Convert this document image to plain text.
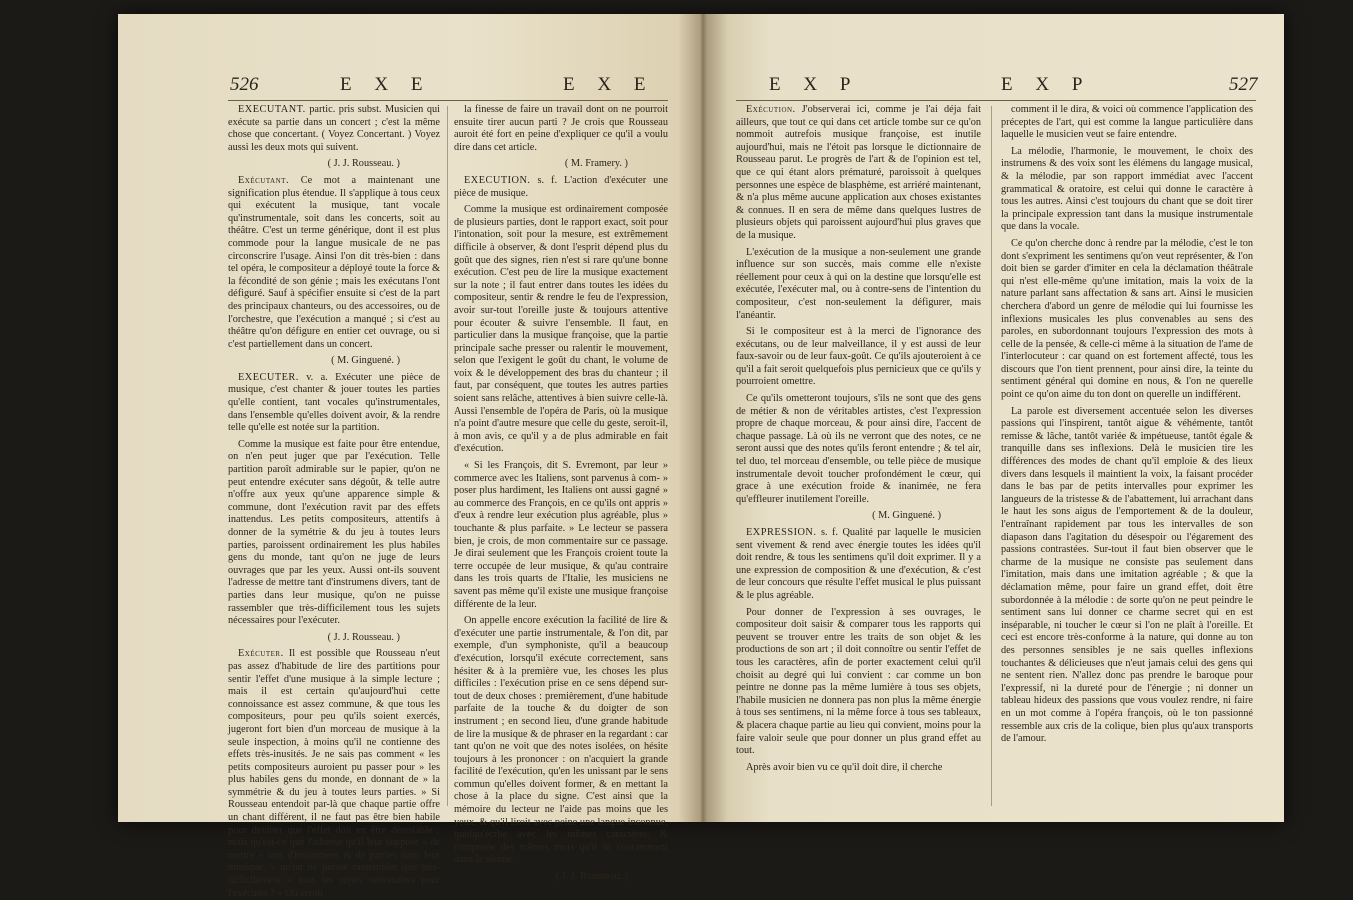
526	E X E	E X E

EXECUTANT. partic. pris subst. Musicien qui exécute sa partie dans un concert ; c'est la même chose que concertant. ( Voyez Concertant. ) Voyez aussi les deux mots qui suivent.

( J. J. Rousseau. )

Exécutant. Ce mot a maintenant une signification plus étendue. Il s'applique à tous ceux qui exécutent la musique, tant vocale qu'instrumentale, soit dans les concerts, soit au théâtre. C'est un terme générique, dont il est plus commode pour la langue musicale de ne pas circonscrire l'usage. Ainsi l'on dit très-bien : dans tel opéra, le compositeur a déployé toute la force & la fécondité de son génie ; mais les exécutans l'ont défiguré. Sauf à spécifier ensuite si c'est de la part des principaux chanteurs, ou des accessoires, ou de l'orchestre, que l'exécution a manqué ; si c'est au théâtre qu'on défigure en entier cet ouvrage, ou si c'est partiellement dans un concert.

( M. Ginguené. )

EXECUTER. v. a. Exécuter une pièce de musique, c'est chanter & jouer toutes les parties qu'elle contient, tant vocales qu'instrumentales, dans l'ensemble qu'elles doivent avoir, & la rendre telle qu'elle est notée sur la partition.

Comme la musique est faite pour être entendue, on n'en peut juger que par l'exécution. Telle partition paroît admirable sur le papier, qu'on ne peut entendre exécuter sans dégoût, & telle autre n'offre aux yeux qu'une apparence simple & commune, dont l'exécution ravit par des effets inattendus. Les petits compositeurs, attentifs à donner de la symétrie & du jeu à toutes leurs parties, paroissent ordinairement les plus habiles gens du monde, tant qu'on ne juge de leurs ouvrages que par les yeux. Aussi ont-ils souvent l'adresse de mettre tant d'instrumens divers, tant de parties dans leur musique, qu'on ne puisse rassembler que très-difficilement tous les sujets nécessaires pour l'exécuter.

( J. J. Rousseau. )

Exécuter. Il est possible que Rousseau n'eut pas assez d'habitude de lire des partitions pour sentir l'effet d'une musique à la simple lecture ; mais il est certain qu'aujourd'hui cette connoissance est assez commune, & que tous les compositeurs, pour peu qu'ils soient exercés, jugeront fort bien d'un morceau de musique à la seule inspection, à moins qu'il ne contienne des effets très-inusités. Je ne sais pas comment « les petits compositeurs auroient pu passer pour » les plus habiles gens du monde, en donnant de » la symmétrie & du jeu à toutes leurs parties. » Si Rousseau entendoit par-là que chaque partie offre un chant différent, il ne faut pas être bien habile pour deviner que l'effet doit en être détestable ; mais qu'est-ce que l'adresse qu'il leur suppose « de mettre » tant d'instrumens & de parties dans leur musique, » qu'on ne puisse rassembler que très-difficilement » tous les sujets nécessaires pour l'exécuter ? » Où seroit

la finesse de faire un travail dont on ne pourroit ensuite tirer aucun parti ? Je crois que Rousseau auroit été fort en peine d'expliquer ce qu'il a voulu dire dans cet article.

( M. Framery. )

EXECUTION. s. f. L'action d'exécuter une pièce de musique.

Comme la musique est ordinairement composée de plusieurs parties, dont le rapport exact, soit pour l'intonation, soit pour la mesure, est extrêmement difficile à observer, & dont l'esprit dépend plus du goût que des signes, rien n'est si rare qu'une bonne exécution. C'est peu de lire la musique exactement sur la note ; il faut entrer dans toutes les idées du compositeur, sentir & rendre le feu de l'expression, avoir sur-tout l'oreille juste & toujours attentive pour écouter & suivre l'ensemble. Il faut, en particulier dans la musique françoise, que la partie principale sache presser ou ralentir le mouvement, selon que l'exigent le goût du chant, le volume de voix & le développement des bras du chanteur ; il faut, par conséquent, que toutes les autres parties soient sans relâche, attentives à bien suivre celle-là. Aussi l'ensemble de l'opéra de Paris, où la musique n'a point d'autre mesure que celle du geste, seroit-il, à mon avis, ce qu'il y a de plus admirable en fait d'exécution.

« Si les François, dit S. Evremont, par leur » commerce avec les Italiens, sont parvenus à com- » poser plus hardiment, les Italiens ont aussi gagné » au commerce des François, en ce qu'ils ont appris » d'eux à rendre leur exécution plus agréable, plus » touchante & plus parfaite. » Le lecteur se passera bien, je crois, de mon commentaire sur ce passage. Je dirai seulement que les François croient toute la terre occupée de leur musique, & qu'au contraire dans les trois quarts de l'Italie, les musiciens ne savent pas même qu'il existe une musique françoise différente de la leur.

On appelle encore exécution la facilité de lire & d'exécuter une partie instrumentale, & l'on dit, par exemple, d'un symphoniste, qu'il a beaucoup d'exécution, lorsqu'il exécute correctement, sans hésiter & à la première vue, les choses les plus difficiles : l'exécution prise en ce sens dépend sur-tout de deux choses : premièrement, d'une habitude parfaite de la touche & du doigter de son instrument ; en second lieu, d'une grande habitude de lire la musique & de phraser en la regardant : car tant qu'on ne voit que des notes isolées, on hésite toujours à les prononcer : on n'acquiert la grande facilité de l'exécution, qu'en les unissant par le sens commun qu'elles doivent former, & en mettant la chose à la place du signe. C'est ainsi que la mémoire du lecteur ne l'aide pas moins que les yeux, & qu'il liroit avec peine une langue inconnue, quoiqu'écrite avec les mêmes caractères, & composée des mêmes mots qu'il lit couramment dans la sienne.

( J. J. Rousseau. )

E X P	E X P	527

Exécution. J'observerai ici, comme je l'ai déja fait ailleurs, que tout ce qui dans cet article tombe sur ce qu'on nommoit autrefois musique françoise, est inutile aujourd'hui, mais ne l'étoit pas lorsque le dictionnaire de Rousseau parut. Le progrès de l'art & de l'opinion est tel, que ce qui étant alors prématuré, paroissoit à quelques personnes une espèce de blasphème, est arriéré maintenant, & n'a plus même aucune application aux choses existantes & connues. Il en sera de même dans quelques lustres de plusieurs objets qui paroissent aujourd'hui plus graves que de la musique.

L'exécution de la musique a non-seulement une grande influence sur son succès, mais comme elle n'existe réellement pour ceux à qui on la destine que lorsqu'elle est exécutée, l'exécuter mal, ou à contre-sens de l'intention du compositeur, c'est non-seulement la défigurer, mais l'anéantir.

Si le compositeur est à la merci de l'ignorance des exécutans, ou de leur malveillance, il y est aussi de leur faux-savoir ou de leur faux-goût. Ce qu'ils ajouteroient à ce qu'il a fait seroit quelquefois plus pernicieux que ce qu'ils y pourroient omettre.

Ce qu'ils ometteront toujours, s'ils ne sont que des gens de métier & non de véritables artistes, c'est l'expression propre de chaque morceau, & pour ainsi dire, l'accent de chaque passage. Là où ils ne verront que des notes, ce ne seront aussi que des notes qu'ils feront entendre ; & tel air, tel duo, tel morceau d'ensemble, ou telle pièce de musique instrumentale devoit toucher profondément le cœur, qui grace à une exécution froide & inanimée, ne fera qu'effleurer inutilement l'oreille.

( M. Ginguené. )

EXPRESSION. s. f. Qualité par laquelle le musicien sent vivement & rend avec énergie toutes les idées qu'il doit rendre, & tous les sentimens qu'il doit exprimer. Il y a une expression de composition & une d'exécution, & c'est de leur concours que résulte l'effet musical le plus puissant & le plus agréable.

Pour donner de l'expression à ses ouvrages, le compositeur doit saisir & comparer tous les rapports qui peuvent se trouver entre les traits de son objet & les productions de son art ; il doit connoître ou sentir l'effet de tous les caractères, afin de porter exactement celui qu'il choisit au degré qui lui convient : car comme un bon peintre ne donne pas la même lumière à tous ses objets, l'habile musicien ne donnera pas non plus la même énergie à tous ses sentimens, ni la même force à tous ses tableaux, & placera chaque partie au lieu qui convient, moins pour la faire valoir seule que pour donner un plus grand effet au tout.

Après avoir bien vu ce qu'il doit dire, il cherche

comment il le dira, & voici où commence l'application des préceptes de l'art, qui est comme la langue particulière dans laquelle le musicien veut se faire entendre.

La mélodie, l'harmonie, le mouvement, le choix des instrumens & des voix sont les élémens du langage musical, & la mélodie, par son rapport immédiat avec l'accent grammatical & oratoire, est celui qui donne le caractère à tous les autres. Ainsi c'est toujours du chant que se doit tirer la principale expression tant dans la musique instrumentale que dans la vocale.

Ce qu'on cherche donc à rendre par la mélodie, c'est le ton dont s'expriment les sentimens qu'on veut représenter, & l'on doit bien se garder d'imiter en cela la déclamation théâtrale qui n'est elle-même qu'une imitation, mais la voix de la nature parlant sans affectation & sans art. Ainsi le musicien cherchera d'abord un genre de mélodie qui lui fournisse les inflexions musicales les plus convenables au sens des paroles, en subordonnant toujours l'expression des mots à celle de la pensée, & celle-ci même à la situation de l'ame de l'interlocuteur : car quand on est fortement affecté, tous les discours que l'on tient prennent, pour ainsi dire, la teinte du sentiment général qui domine en nous, & l'on ne querelle point ce qu'on aime du ton dont on querelle un indifférent.

La parole est diversement accentuée selon les diverses passions qui l'inspirent, tantôt aigue & véhémente, tantôt remisse & lâche, tantôt variée & impétueuse, tantôt égale & tranquille dans ses inflexions. Delà le musicien tire les différences des modes de chant qu'il emploie & des lieux divers dans lesquels il maintient la voix, la faisant procéder dans le bas par de petits intervalles pour exprimer les langueurs de la tristesse & de l'abattement, lui arrachant dans le haut les sons aigus de l'emportement & de la douleur, l'entraînant rapidement par tous les intervalles de son diapason dans l'agitation du désespoir ou l'égarement des passions contrastées. Sur-tout il faut bien observer que le charme de la musique ne consiste pas seulement dans l'imitation, mais dans une imitation agréable ; & que la déclamation même, pour faire un grand effet, doit être subordonnée à la mélodie : de sorte qu'on ne peut peindre le sentiment sans lui donner ce charme secret qui en est inséparable, ni toucher le cœur si l'on ne plaît à l'oreille. Et ceci est encore très-conforme à la nature, qui donne au ton des personnes sensibles je ne sais quelles inflexions touchantes & délicieuses que n'eut jamais celui des gens qui ne sentent rien. N'allez donc pas prendre le baroque pour l'expressif, ni la dureté pour de l'énergie ; ni donner un tableau hideux des passions que vous voulez rendre, ni faire en un mot comme à l'opéra françois, où le ton passionné ressemble aux cris de la colique, bien plus qu'aux transports de l'amour.
